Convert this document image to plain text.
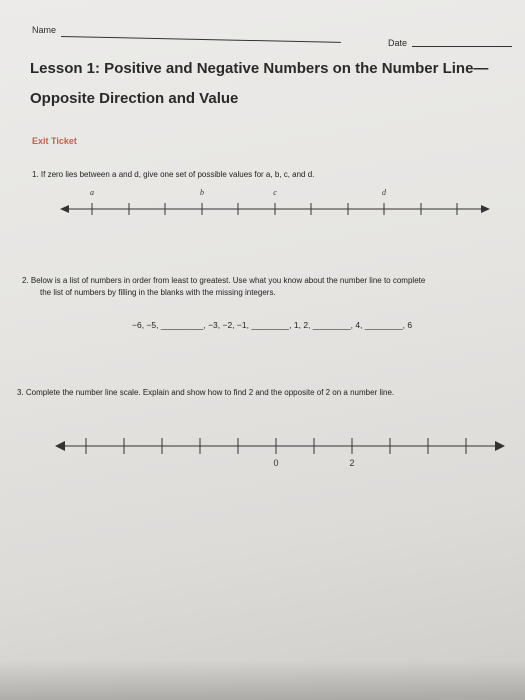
Name
Date
Lesson 1: Positive and Negative Numbers on the Number Line—
Opposite Direction and Value
Exit Ticket
1. If zero lies between a and d, give one set of possible values for a, b, c, and d.
a	b	c	d
2. Below is a list of numbers in order from least to greatest. Use what you know about the number line to complete
the list of numbers by filling in the blanks with the missing integers.
−6, −5, _________, −3, −2, −1, ________, 1, 2, ________, 4, ________, 6
3. Complete the number line scale. Explain and show how to find 2 and the opposite of 2 on a number line.
0	2
